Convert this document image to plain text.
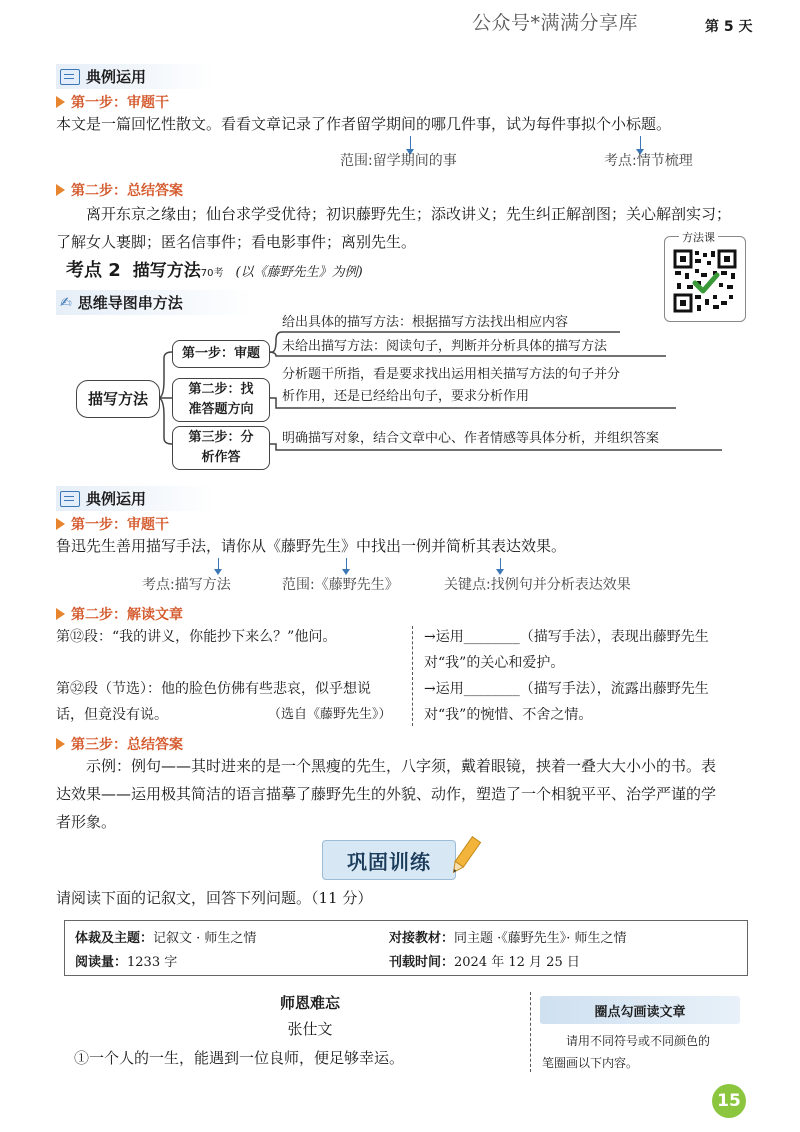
公众号*满满分享库	第 5 天
典例运用
第一步：审题干
本文是一篇回忆性散文。看看文章记录了作者留学期间的哪几件事，试为每件事拟个小标题。
范围:留学期间的事	考点:情节梳理
第二步：总结答案
离开东京之缘由；仙台求学受优待；初识藤野先生；添改讲义；先生纠正解剖图；关心解剖实习；
了解女人裹脚；匿名信事件；看电影事件；离别先生。
考点 2 描写方法 70考 (以《藤野先生》为例)
方法课
✍ 思维导图串方法
描写方法
第一步：审题
第二步：找
准答题方向
第三步：分
析作答
给出具体的描写方法：根据描写方法找出相应内容
未给出描写方法：阅读句子，判断并分析具体的描写方法
分析题干所指，看是要求找出运用相关描写方法的句子并分
析作用，还是已经给出句子，要求分析作用
明确描写对象，结合文章中心、作者情感等具体分析，并组织答案
典例运用
第一步：审题干
鲁迅先生善用描写手法，请你从《藤野先生》中找出一例并简析其表达效果。
考点:描写方法	范围:《藤野先生》	关键点:找例句并分析表达效果
第二步：解读文章
第⑫段：“我的讲义，你能抄下来么？”他问。	→运用________（描写手法），表现出藤野先生
对“我”的关心和爱护。
第㉜段（节选）：他的脸色仿佛有些悲哀，似乎想说
话，但竟没有说。	（选自《藤野先生》）
→运用________（描写手法），流露出藤野先生
对“我”的惋惜、不舍之情。
第三步：总结答案
示例：例句——其时进来的是一个黑瘦的先生，八字须，戴着眼镜，挟着一叠大大小小的书。表
达效果——运用极其简洁的语言描摹了藤野先生的外貌、动作，塑造了一个相貌平平、治学严谨的学
者形象。
巩固训练
请阅读下面的记叙文，回答下列问题。（11 分）
体裁及主题：记叙文 · 师生之情	对接教材：同主题 ·《藤野先生》· 师生之情
阅读量：1233 字	刊载时间：2024 年 12 月 25 日
师恩难忘
张仕文
①一个人的一生，能遇到一位良师，便足够幸运。
圈点勾画读文章
请用不同符号或不同颜色的
笔圈画以下内容。
15
